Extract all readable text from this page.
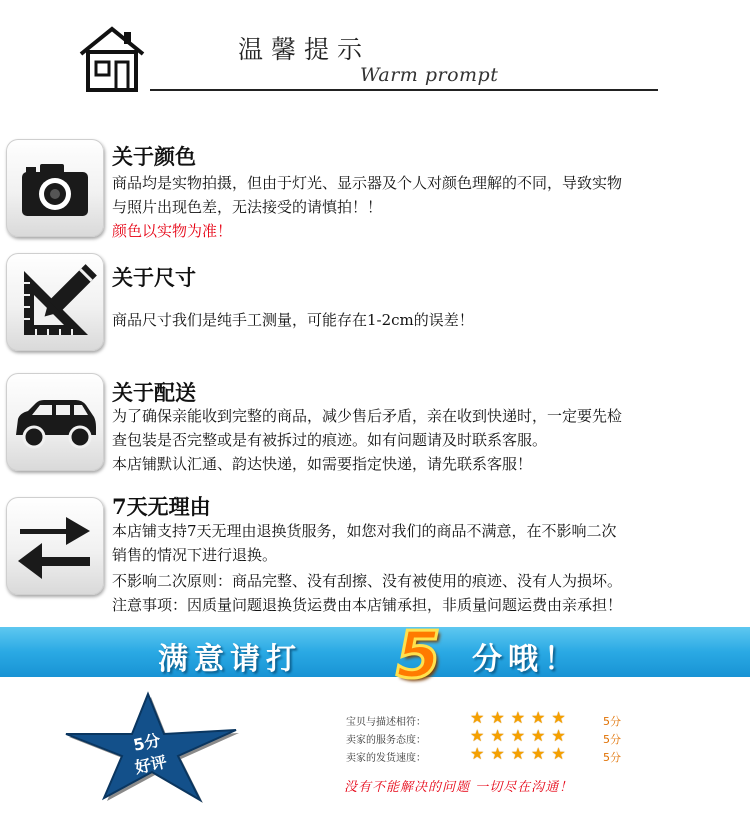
温馨提示
Warm prompt
关于颜色
商品均是实物拍摄，但由于灯光、显示器及个人对颜色理解的不同，导致实物
与照片出现色差，无法接受的请慎拍！！
颜色以实物为准！
关于尺寸
商品尺寸我们是纯手工测量，可能存在1-2cm的误差！
关于配送
为了确保亲能收到完整的商品，减少售后矛盾，亲在收到快递时，一定要先检
查包装是否完整或是有被拆过的痕迹。如有问题请及时联系客服。
本店铺默认汇通、韵达快递，如需要指定快递，请先联系客服！
7天无理由
本店铺支持7天无理由退换货服务，如您对我们的商品不满意，在不影响二次
销售的情况下进行退换。
不影响二次原则：商品完整、没有刮擦、没有被使用的痕迹、没有人为损坏。
注意事项：因质量问题退换货运费由本店铺承担，非质量问题运费由亲承担！
满意请打 5 分哦！
5分
好评
宝贝与描述相符：	★★★★★	5分
卖家的服务态度：	★★★★★	5分
卖家的发货速度：	★★★★★	5分
没有不能解决的问题 一切尽在沟通！
